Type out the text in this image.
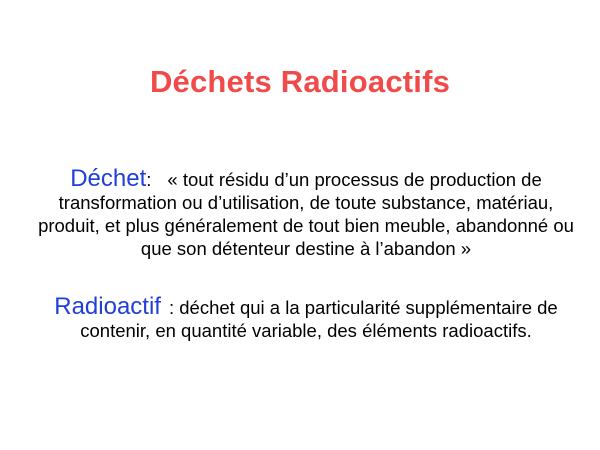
Déchets Radioactifs
Déchet: « tout résidu d’un processus de production de transformation ou d’utilisation, de toute substance, matériau, produit, et plus généralement de tout bien meuble, abandonné ou que son détenteur destine à l’abandon »
Radioactif : déchet qui a la particularité supplémentaire de contenir, en quantité variable, des éléments radioactifs.
